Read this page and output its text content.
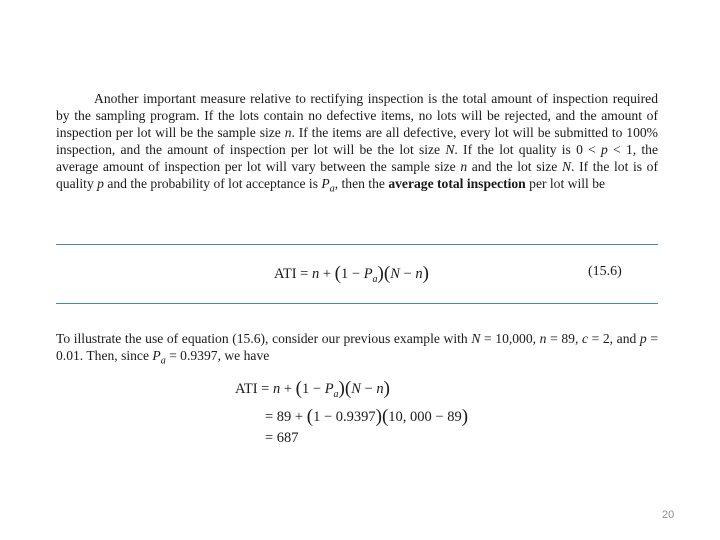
Another important measure relative to rectifying inspection is the total amount of inspection required by the sampling program. If the lots contain no defective items, no lots will be rejected, and the amount of inspection per lot will be the sample size n. If the items are all defective, every lot will be submitted to 100% inspection, and the amount of inspection per lot will be the lot size N. If the lot quality is 0 < p < 1, the average amount of inspection per lot will vary between the sample size n and the lot size N. If the lot is of quality p and the probability of lot acceptance is $P_a$, then the average total inspection per lot will be

ATI = $n + (1 - P_a)(N - n)$	(15.6)

To illustrate the use of equation (15.6), consider our previous example with N = 10,000, n = 89, c = 2, and p = 0.01. Then, since $P_a = 0.9397$, we have

ATI = $n + (1 - P_a)(N - n)$
= 89 + (1 − 0.9397)(10, 000 − 89)
= 687
20
